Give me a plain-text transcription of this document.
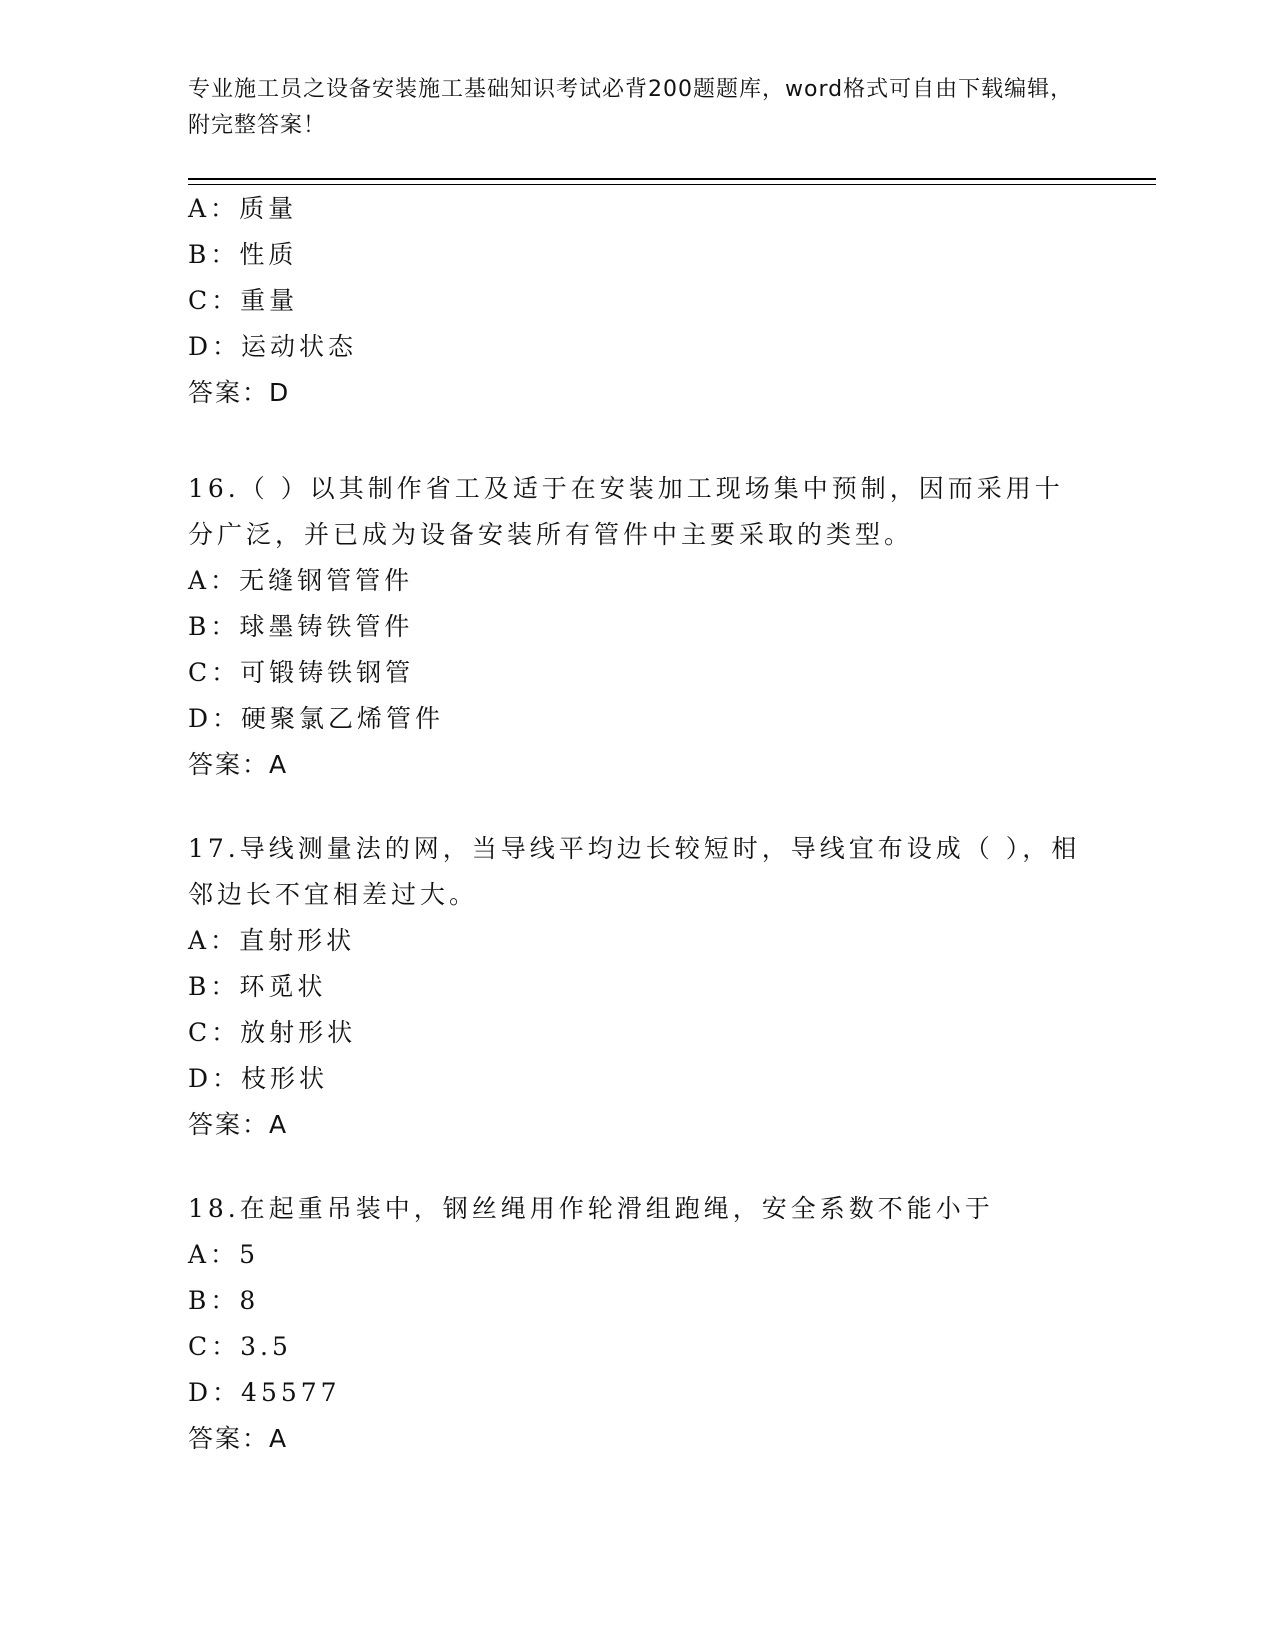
专业施工员之设备安装施工基础知识考试必背200题题库，word格式可自由下载编辑，附完整答案！
A：质量
B：性质
C：重量
D：运动状态
答案：D
16.（ ）以其制作省工及适于在安装加工现场集中预制，因而采用十分广泛，并已成为设备安装所有管件中主要采取的类型。
A：无缝钢管管件
B：球墨铸铁管件
C：可锻铸铁钢管
D：硬聚氯乙烯管件
答案：A
17.导线测量法的网，当导线平均边长较短时，导线宜布设成（ ），相邻边长不宜相差过大。
A：直射形状
B：环觅状
C：放射形状
D：枝形状
答案：A
18.在起重吊装中，钢丝绳用作轮滑组跑绳，安全系数不能小于
A：5
B：8
C：3.5
D：45577
答案：A
